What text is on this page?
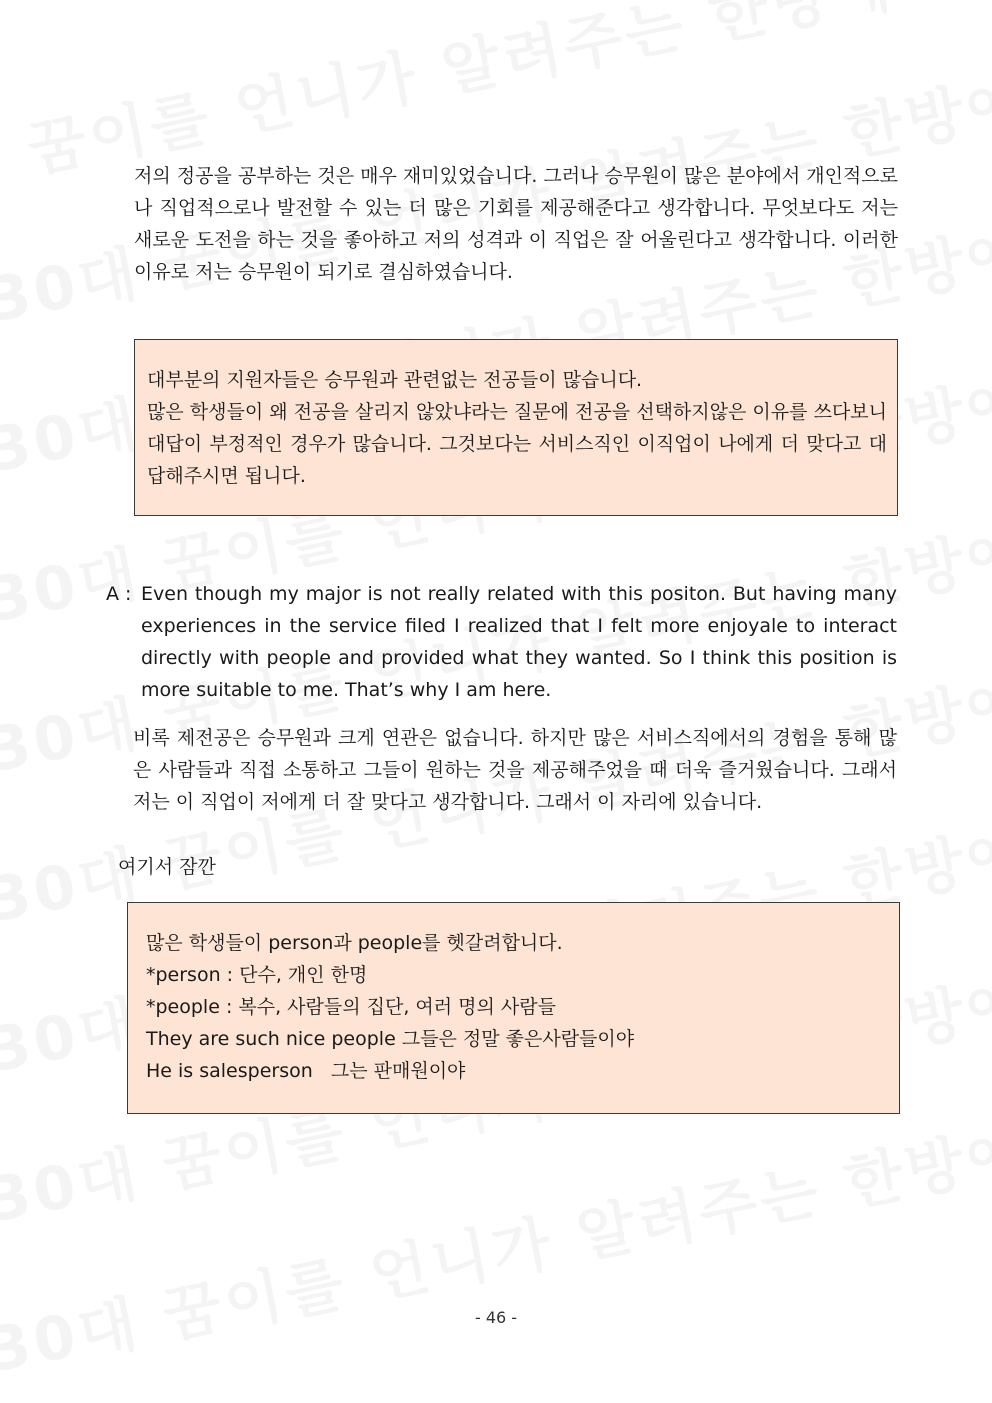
저의 정공을 공부하는 것은 매우 재미있었습니다. 그러나 승무원이 많은 분야에서 개인적으로나 직업적으로나 발전할 수 있는 더 많은 기회를 제공해준다고 생각합니다. 무엇보다도 저는 새로운 도전을 하는 것을 좋아하고 저의 성격과 이 직업은 잘 어울린다고 생각합니다. 이러한 이유로 저는 승무원이 되기로 결심하였습니다.

대부분의 지원자들은 승무원과 관련없는 전공들이 많습니다.
많은 학생들이 왜 전공을 살리지 않았냐라는 질문에 전공을 선택하지않은 이유를 쓰다보니 대답이 부정적인 경우가 많습니다. 그것보다는 서비스직인 이직업이 나에게 더 맞다고 대답해주시면 됩니다.
A : Even though my major is not really related with this positon. But having many experiences in the service filed I realized that I felt more enjoyale to interact directly with people and provided what they wanted. So I think this position is more suitable to me. That’s why I am here.

비록 제전공은 승무원과 크게 연관은 없습니다. 하지만 많은 서비스직에서의 경험을 통해 많은 사람들과 직접 소통하고 그들이 원하는 것을 제공해주었을 때 더욱 즐거웠습니다. 그래서 저는 이 직업이 저에게 더 잘 맞다고 생각합니다. 그래서 이 자리에 있습니다.

여기서 잠깐
많은 학생들이 person과 people를 헷갈려합니다.
*person : 단수, 개인 한명
*people : 복수, 사람들의 집단, 여러 명의 사람들
They are such nice people 그들은 정말 좋은사람들이야
He is salesperson   그는 판매원이야
- 46 -
